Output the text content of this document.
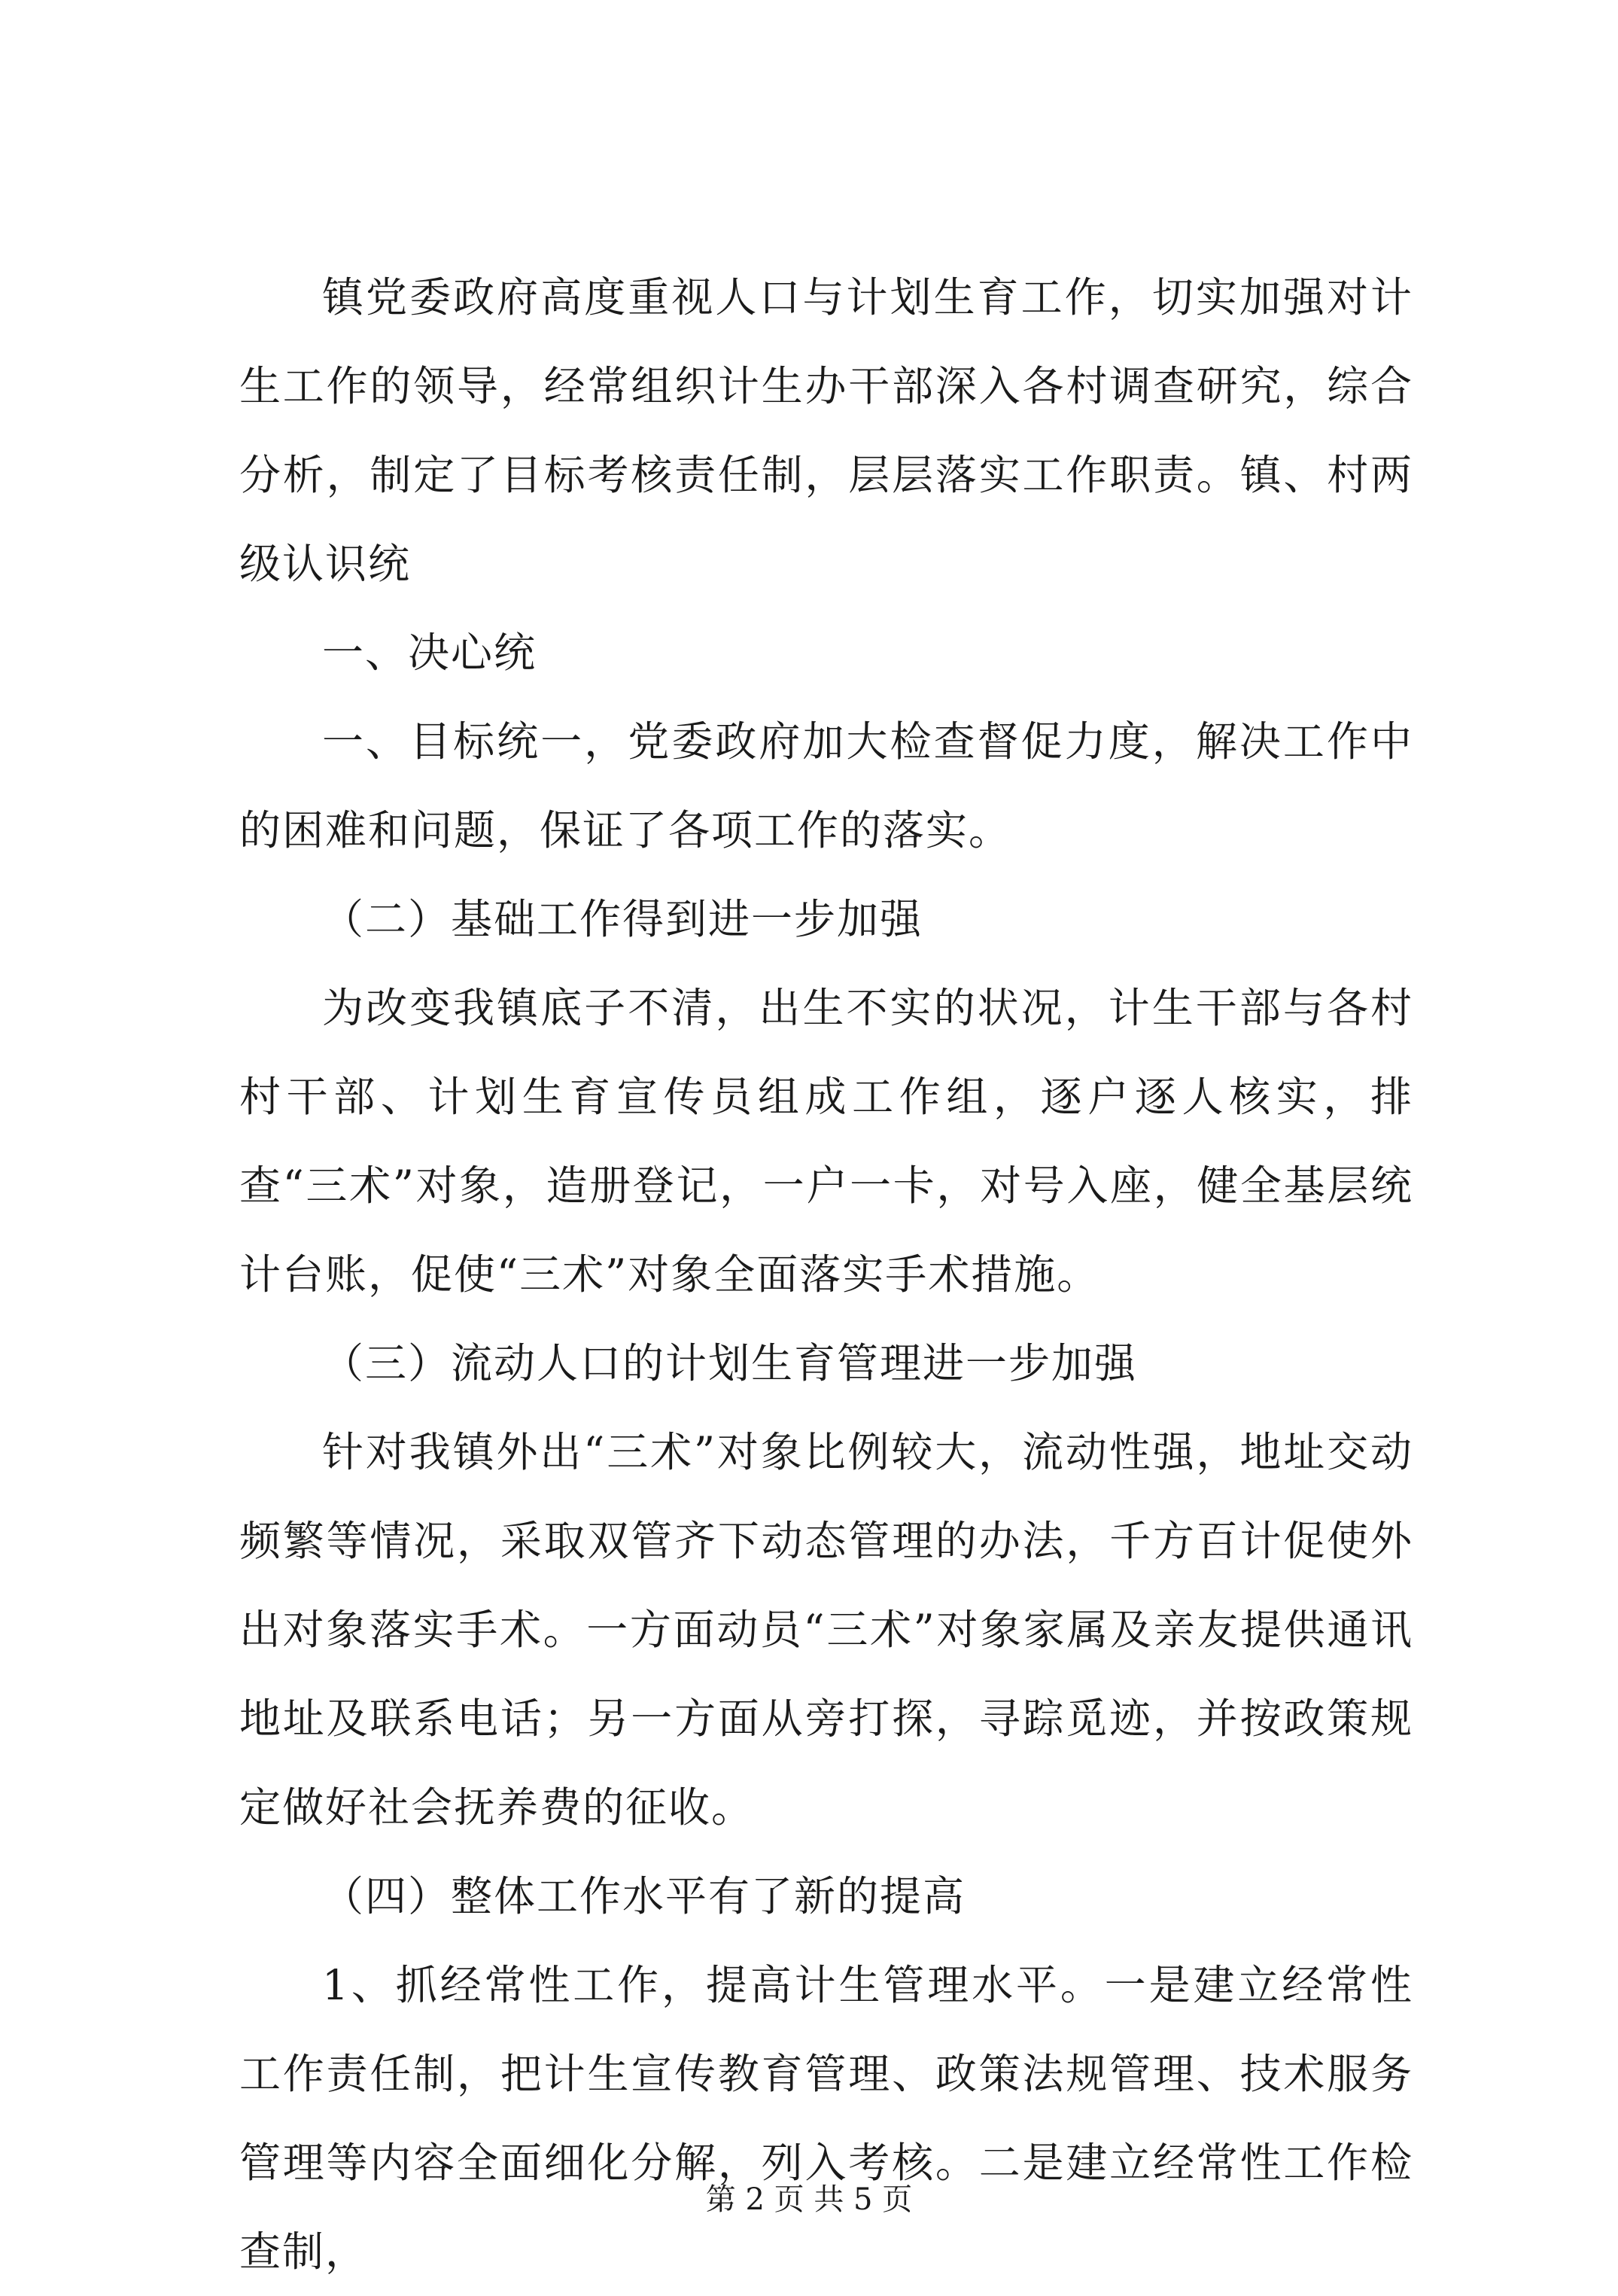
镇党委政府高度重视人口与计划生育工作，切实加强对计生工作的领导，经常组织计生办干部深入各村调查研究，综合分析，制定了目标考核责任制，层层落实工作职责。镇、村两级认识统

一、决心统

一、目标统一，党委政府加大检查督促力度，解决工作中的困难和问题，保证了各项工作的落实。

（二）基础工作得到进一步加强

为改变我镇底子不清，出生不实的状况，计生干部与各村村干部、计划生育宣传员组成工作组，逐户逐人核实，排查“三术”对象，造册登记，一户一卡，对号入座，健全基层统计台账，促使“三术”对象全面落实手术措施。

（三）流动人口的计划生育管理进一步加强

针对我镇外出“三术”对象比例较大，流动性强，地址交动频繁等情况，采取双管齐下动态管理的办法，千方百计促使外出对象落实手术。一方面动员“三术”对象家属及亲友提供通讯地址及联系电话；另一方面从旁打探，寻踪觅迹，并按政策规定做好社会抚养费的征收。

（四）整体工作水平有了新的提高

1、抓经常性工作，提高计生管理水平。一是建立经常性工作责任制，把计生宣传教育管理、政策法规管理、技术服务管理等内容全面细化分解，列入考核。二是建立经常性工作检查制，

第 2 页 共 5 页
